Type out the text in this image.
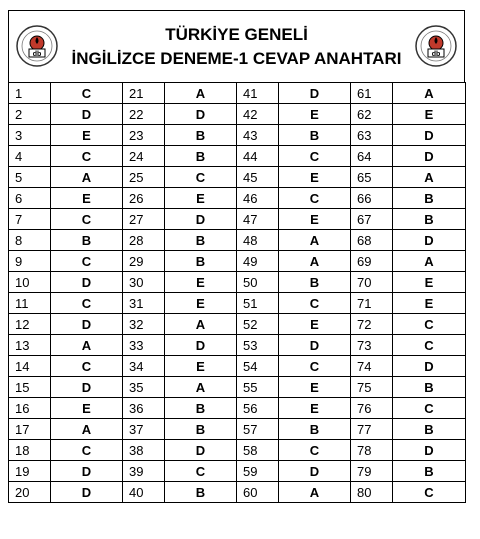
db
TÜRKİYE GENELİ
İNGİLİZCE DENEME-1 CEVAP ANAHTARI	db
1	C	21	A	41	D	61	A
2	D	22	D	42	E	62	E
3	E	23	B	43	B	63	D
4	C	24	B	44	C	64	D
5	A	25	C	45	E	65	A
6	E	26	E	46	C	66	B
7	C	27	D	47	E	67	B
8	B	28	B	48	A	68	D
9	C	29	B	49	A	69	A
10	D	30	E	50	B	70	E
11	C	31	E	51	C	71	E
12	D	32	A	52	E	72	C
13	A	33	D	53	D	73	C
14	C	34	E	54	C	74	D
15	D	35	A	55	E	75	B
16	E	36	B	56	E	76	C
17	A	37	B	57	B	77	B
18	C	38	D	58	C	78	D
19	D	39	C	59	D	79	B
20	D	40	B	60	A	80	C
